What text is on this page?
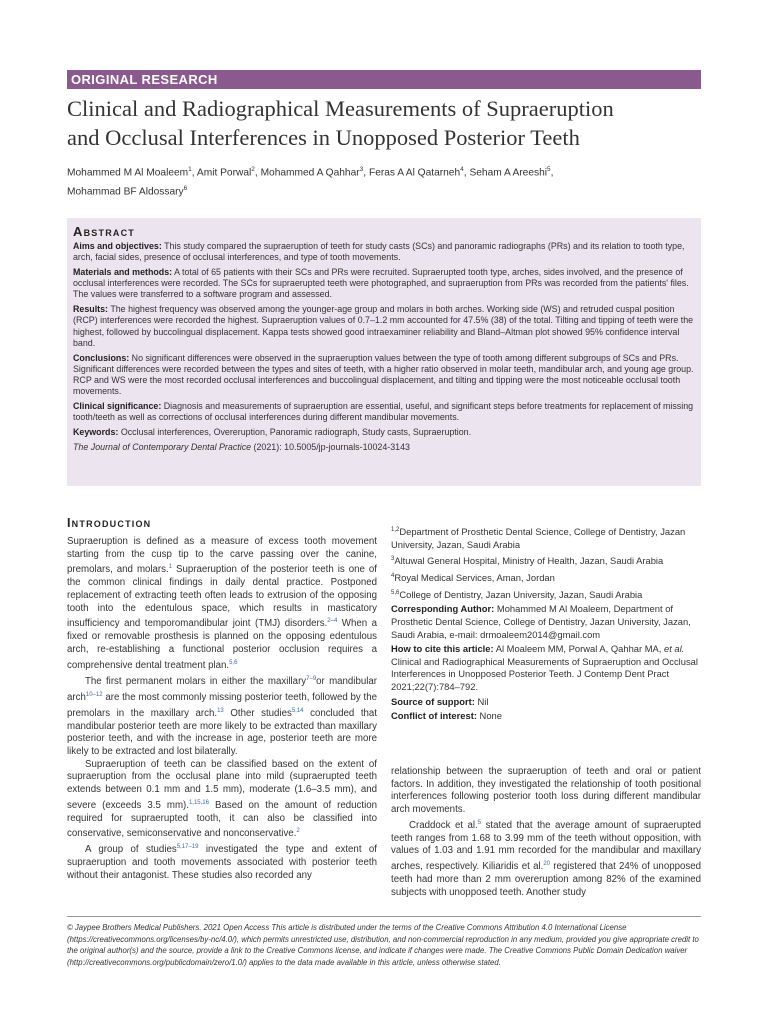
ORIGINAL RESEARCH
Clinical and Radiographical Measurements of Supraeruption
and Occlusal Interferences in Unopposed Posterior Teeth
Mohammed M Al Moaleem$^1$, Amit Porwal$^2$, Mohammed A Qahhar$^3$, Feras A Al Qatarneh$^4$, Seham A Areeshi$^5$,
Mohammad BF Aldossary$^6$
Abstract

Aims and objectives: This study compared the supraeruption of teeth for study casts (SCs) and panoramic radiographs (PRs) and its relation to tooth type, arch, facial sides, presence of occlusal interferences, and type of tooth movements.

Materials and methods: A total of 65 patients with their SCs and PRs were recruited. Supraerupted tooth type, arches, sides involved, and the presence of occlusal interferences were recorded. The SCs for supraerupted teeth were photographed, and supraeruption from PRs was recorded from the patients' files. The values were transferred to a software program and assessed.

Results: The highest frequency was observed among the younger-age group and molars in both arches. Working side (WS) and retruded cuspal position (RCP) interferences were recorded the highest. Supraeruption values of 0.7–1.2 mm accounted for 47.5% (38) of the total. Tilting and tipping of teeth were the highest, followed by buccolingual displacement. Kappa tests showed good intraexaminer reliability and Bland–Altman plot showed 95% confidence interval band.

Conclusions: No significant differences were observed in the supraeruption values between the type of tooth among different subgroups of SCs and PRs. Significant differences were recorded between the types and sites of teeth, with a higher ratio observed in molar teeth, mandibular arch, and young age group. RCP and WS were the most recorded occlusal interferences and buccolingual displacement, and tilting and tipping were the most noticeable occlusal tooth movements.

Clinical significance: Diagnosis and measurements of supraeruption are essential, useful, and significant steps before treatments for replacement of missing tooth/teeth as well as corrections of occlusal interferences during different mandibular movements.

Keywords: Occlusal interferences, Overeruption, Panoramic radiograph, Study casts, Supraeruption.

The Journal of Contemporary Dental Practice (2021): 10.5005/jp-journals-10024-3143

Introduction

Supraeruption is defined as a measure of excess tooth movement starting from the cusp tip to the carve passing over the canine, premolars, and molars.$^1$ Supraeruption of the posterior teeth is one of the common clinical findings in daily dental practice. Postponed replacement of extracting teeth often leads to extrusion of the opposing tooth into the edentulous space, which results in masticatory insufficiency and temporomandibular joint (TMJ) disorders.$^{2-4}$ When a fixed or removable prosthesis is planned on the opposing edentulous arch, re-establishing a functional posterior occlusion requires a comprehensive dental treatment plan.$^{5,6}$

The first permanent molars in either the maxillary$^{7-9}$or mandibular arch$^{10-12}$ are the most commonly missing posterior teeth, followed by the premolars in the maxillary arch.$^{13}$ Other studies$^{5,14}$ concluded that mandibular posterior teeth are more likely to be extracted than maxillary posterior teeth, and with the increase in age, posterior teeth are more likely to be extracted and lost bilaterally.

Supraeruption of teeth can be classified based on the extent of supraeruption from the occlusal plane into mild (supraerupted teeth extends between 0.1 mm and 1.5 mm), moderate (1.6–3.5 mm), and severe (exceeds 3.5 mm).$^{1,15,16}$ Based on the amount of reduction required for supraerupted tooth, it can also be classified into conservative, semiconservative and nonconservative.$^2$

A group of studies$^{5,17-19}$ investigated the type and extent of supraeruption and tooth movements associated with posterior teeth without their antagonist. These studies also recorded any

$^{1,2}$Department of Prosthetic Dental Science, College of Dentistry, Jazan University, Jazan, Saudi Arabia

$^3$Altuwal General Hospital, Ministry of Health, Jazan, Saudi Arabia

$^4$Royal Medical Services, Aman, Jordan

$^{5,6}$College of Dentistry, Jazan University, Jazan, Saudi Arabia

Corresponding Author: Mohammed M Al Moaleem, Department of Prosthetic Dental Science, College of Dentistry, Jazan University, Jazan, Saudi Arabia, e-mail: drmoaleem2014@gmail.com

How to cite this article: Al Moaleem MM, Porwal A, Qahhar MA, et al. Clinical and Radiographical Measurements of Supraeruption and Occlusal Interferences in Unopposed Posterior Teeth. J Contemp Dent Pract 2021;22(7):784–792.

Source of support: Nil

Conflict of interest: None

relationship between the supraeruption of teeth and oral or patient factors. In addition, they investigated the relationship of tooth positional interferences following posterior tooth loss during different mandibular arch movements.

Craddock et al.$^5$ stated that the average amount of supraerupted teeth ranges from 1.68 to 3.99 mm of the teeth without opposition, with values of 1.03 and 1.91 mm recorded for the mandibular and maxillary arches, respectively. Kiliaridis et al.$^{20}$ registered that 24% of unopposed teeth had more than 2 mm overeruption among 82% of the examined subjects with unopposed teeth. Another study

© Jaypee Brothers Medical Publishers. 2021 Open Access This article is distributed under the terms of the Creative Commons Attribution 4.0 International License (https://creativecommons.org/licenses/by-nc/4.0/), which permits unrestricted use, distribution, and non-commercial reproduction in any medium, provided you give appropriate credit to the original author(s) and the source, provide a link to the Creative Commons license, and indicate if changes were made. The Creative Commons Public Domain Dedication waiver (http://creativecommons.org/publicdomain/zero/1.0/) applies to the data made available in this article, unless otherwise stated.
